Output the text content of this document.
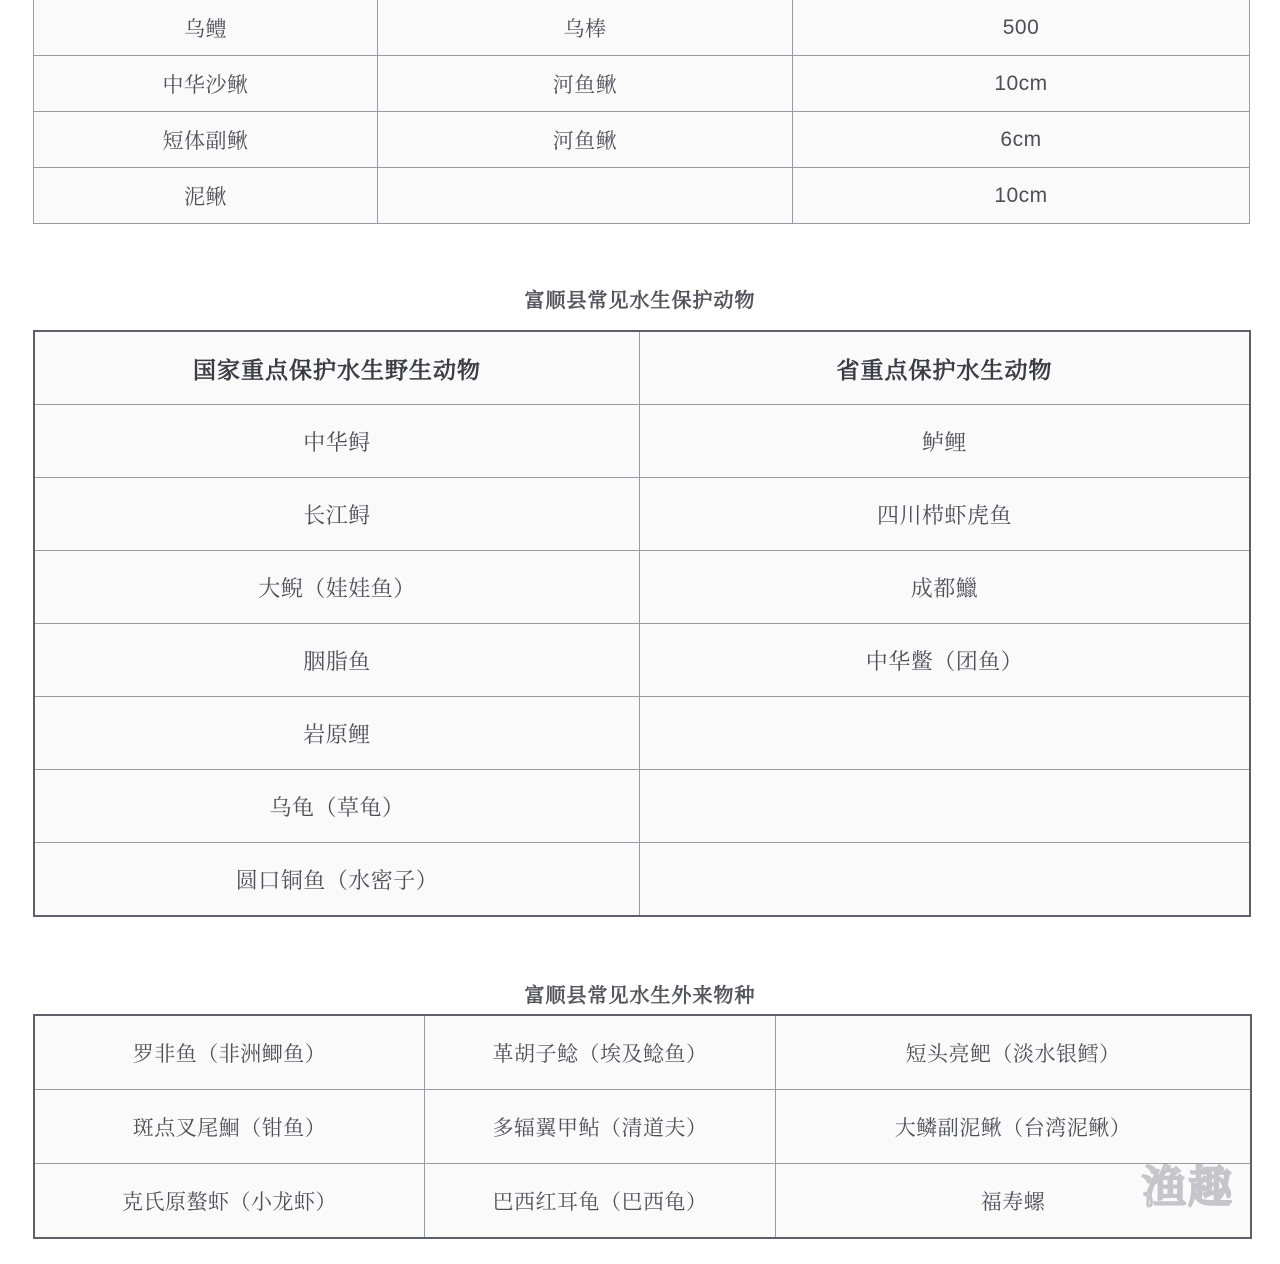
乌鳢	乌棒	500
中华沙鳅	河鱼鳅	10cm
短体副鳅	河鱼鳅	6cm
泥鳅		10cm
富顺县常见水生保护动物
国家重点保护水生野生动物	省重点保护水生动物
中华鲟	鲈鲤
长江鲟	四川栉虾虎鱼
大鲵（娃娃鱼）	成都鱲
胭脂鱼	中华鳖（团鱼）
岩原鲤	
乌龟（草龟）	
圆口铜鱼（水密子）	
富顺县常见水生外来物种
罗非鱼（非洲鲫鱼）	革胡子鲶（埃及鲶鱼）	短头亮鲃（淡水银鳕）
斑点叉尾鮰（钳鱼）	多辐翼甲鲇（清道夫）	大鳞副泥鳅（台湾泥鳅）
克氏原螯虾（小龙虾）	巴西红耳龟（巴西龟）	福寿螺
